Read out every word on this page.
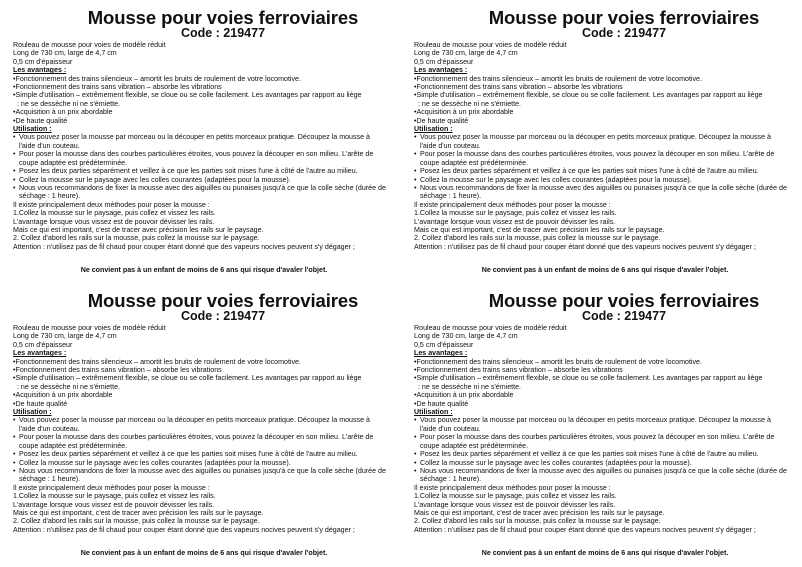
Mousse pour voies ferroviaires
Code : 219477
Rouleau de mousse pour voies de modèle réduit
Long de 730 cm, large de 4,7 cm
0,5 cm d'épaisseur
Les avantages :
•Fonctionnement des trains silencieux – amortit les bruits de roulement de votre locomotive.
•Fonctionnement des trains sans vibration – absorbe les vibrations
•Simple d'utilisation – extrêmement flexible, se cloue ou se colle facilement. Les avantages par rapport au liège
: ne se dessèche ni ne s'émiette.
•Acquisition à un prix abordable
•De haute qualité
Utilisation :
• Vous pouvez poser la mousse par morceau ou la découper en petits morceaux pratique. Découpez la mousse à l'aide d'un couteau.
• Pour poser la mousse dans des courbes particulières étroites, vous pouvez la découper en son milieu. L'arête de coupe adaptée est prédéterminée.
• Posez les deux parties séparément et veillez à ce que les parties soit mises l'une à côté de l'autre au milieu.
• Collez la mousse sur le paysage avec les colles courantes (adaptées pour la mousse).
• Nous vous recommandons de fixer la mousse avec des aiguilles ou punaises jusqu'à ce que la colle sèche (durée de séchage : 1 heure).
Il existe principalement deux méthodes pour poser la mousse :
1.Collez la mousse sur le paysage, puis collez et vissez les rails.
L'avantage lorsque vous vissez est de pouvoir dévisser les rails.
Mais ce qui est important, c'est de tracer avec précision les rails sur le paysage.
2. Collez d'abord les rails sur la mousse, puis collez la mousse sur le paysage.
Attention : n'utilisez pas de fil chaud pour couper étant donné que des vapeurs nocives peuvent s'y dégager ;
Ne convient pas à un enfant de moins de 6 ans qui risque d'avaler l'objet.
Mousse pour voies ferroviaires
Code : 219477
Rouleau de mousse pour voies de modèle réduit
Long de 730 cm, large de 4,7 cm
0,5 cm d'épaisseur
Les avantages :
•Fonctionnement des trains silencieux – amortit les bruits de roulement de votre locomotive.
•Fonctionnement des trains sans vibration – absorbe les vibrations
•Simple d'utilisation – extrêmement flexible, se cloue ou se colle facilement. Les avantages par rapport au liège
: ne se dessèche ni ne s'émiette.
•Acquisition à un prix abordable
•De haute qualité
Utilisation :
• Vous pouvez poser la mousse par morceau ou la découper en petits morceaux pratique. Découpez la mousse à l'aide d'un couteau.
• Pour poser la mousse dans des courbes particulières étroites, vous pouvez la découper en son milieu. L'arête de coupe adaptée est prédéterminée.
• Posez les deux parties séparément et veillez à ce que les parties soit mises l'une à côté de l'autre au milieu.
• Collez la mousse sur le paysage avec les colles courantes (adaptées pour la mousse).
• Nous vous recommandons de fixer la mousse avec des aiguilles ou punaises jusqu'à ce que la colle sèche (durée de séchage : 1 heure).
Il existe principalement deux méthodes pour poser la mousse :
1.Collez la mousse sur le paysage, puis collez et vissez les rails.
L'avantage lorsque vous vissez est de pouvoir dévisser les rails.
Mais ce qui est important, c'est de tracer avec précision les rails sur le paysage.
2. Collez d'abord les rails sur la mousse, puis collez la mousse sur le paysage.
Attention : n'utilisez pas de fil chaud pour couper étant donné que des vapeurs nocives peuvent s'y dégager ;
Ne convient pas à un enfant de moins de 6 ans qui risque d'avaler l'objet.
Mousse pour voies ferroviaires
Code : 219477
Rouleau de mousse pour voies de modèle réduit
Long de 730 cm, large de 4,7 cm
0,5 cm d'épaisseur
Les avantages :
•Fonctionnement des trains silencieux – amortit les bruits de roulement de votre locomotive.
•Fonctionnement des trains sans vibration – absorbe les vibrations
•Simple d'utilisation – extrêmement flexible, se cloue ou se colle facilement. Les avantages par rapport au liège
: ne se dessèche ni ne s'émiette.
•Acquisition à un prix abordable
•De haute qualité
Utilisation :
• Vous pouvez poser la mousse par morceau ou la découper en petits morceaux pratique. Découpez la mousse à l'aide d'un couteau.
• Pour poser la mousse dans des courbes particulières étroites, vous pouvez la découper en son milieu. L'arête de coupe adaptée est prédéterminée.
• Posez les deux parties séparément et veillez à ce que les parties soit mises l'une à côté de l'autre au milieu.
• Collez la mousse sur le paysage avec les colles courantes (adaptées pour la mousse).
• Nous vous recommandons de fixer la mousse avec des aiguilles ou punaises jusqu'à ce que la colle sèche (durée de séchage : 1 heure).
Il existe principalement deux méthodes pour poser la mousse :
1.Collez la mousse sur le paysage, puis collez et vissez les rails.
L'avantage lorsque vous vissez est de pouvoir dévisser les rails.
Mais ce qui est important, c'est de tracer avec précision les rails sur le paysage.
2. Collez d'abord les rails sur la mousse, puis collez la mousse sur le paysage.
Attention : n'utilisez pas de fil chaud pour couper étant donné que des vapeurs nocives peuvent s'y dégager ;
Ne convient pas à un enfant de moins de 6 ans qui risque d'avaler l'objet.
Mousse pour voies ferroviaires
Code : 219477
Rouleau de mousse pour voies de modèle réduit
Long de 730 cm, large de 4,7 cm
0,5 cm d'épaisseur
Les avantages :
•Fonctionnement des trains silencieux – amortit les bruits de roulement de votre locomotive.
•Fonctionnement des trains sans vibration – absorbe les vibrations
•Simple d'utilisation – extrêmement flexible, se cloue ou se colle facilement. Les avantages par rapport au liège
: ne se dessèche ni ne s'émiette.
•Acquisition à un prix abordable
•De haute qualité
Utilisation :
• Vous pouvez poser la mousse par morceau ou la découper en petits morceaux pratique. Découpez la mousse à l'aide d'un couteau.
• Pour poser la mousse dans des courbes particulières étroites, vous pouvez la découper en son milieu. L'arête de coupe adaptée est prédéterminée.
• Posez les deux parties séparément et veillez à ce que les parties soit mises l'une à côté de l'autre au milieu.
• Collez la mousse sur le paysage avec les colles courantes (adaptées pour la mousse).
• Nous vous recommandons de fixer la mousse avec des aiguilles ou punaises jusqu'à ce que la colle sèche (durée de séchage : 1 heure).
Il existe principalement deux méthodes pour poser la mousse :
1.Collez la mousse sur le paysage, puis collez et vissez les rails.
L'avantage lorsque vous vissez est de pouvoir dévisser les rails.
Mais ce qui est important, c'est de tracer avec précision les rails sur le paysage.
2. Collez d'abord les rails sur la mousse, puis collez la mousse sur le paysage.
Attention : n'utilisez pas de fil chaud pour couper étant donné que des vapeurs nocives peuvent s'y dégager ;
Ne convient pas à un enfant de moins de 6 ans qui risque d'avaler l'objet.
